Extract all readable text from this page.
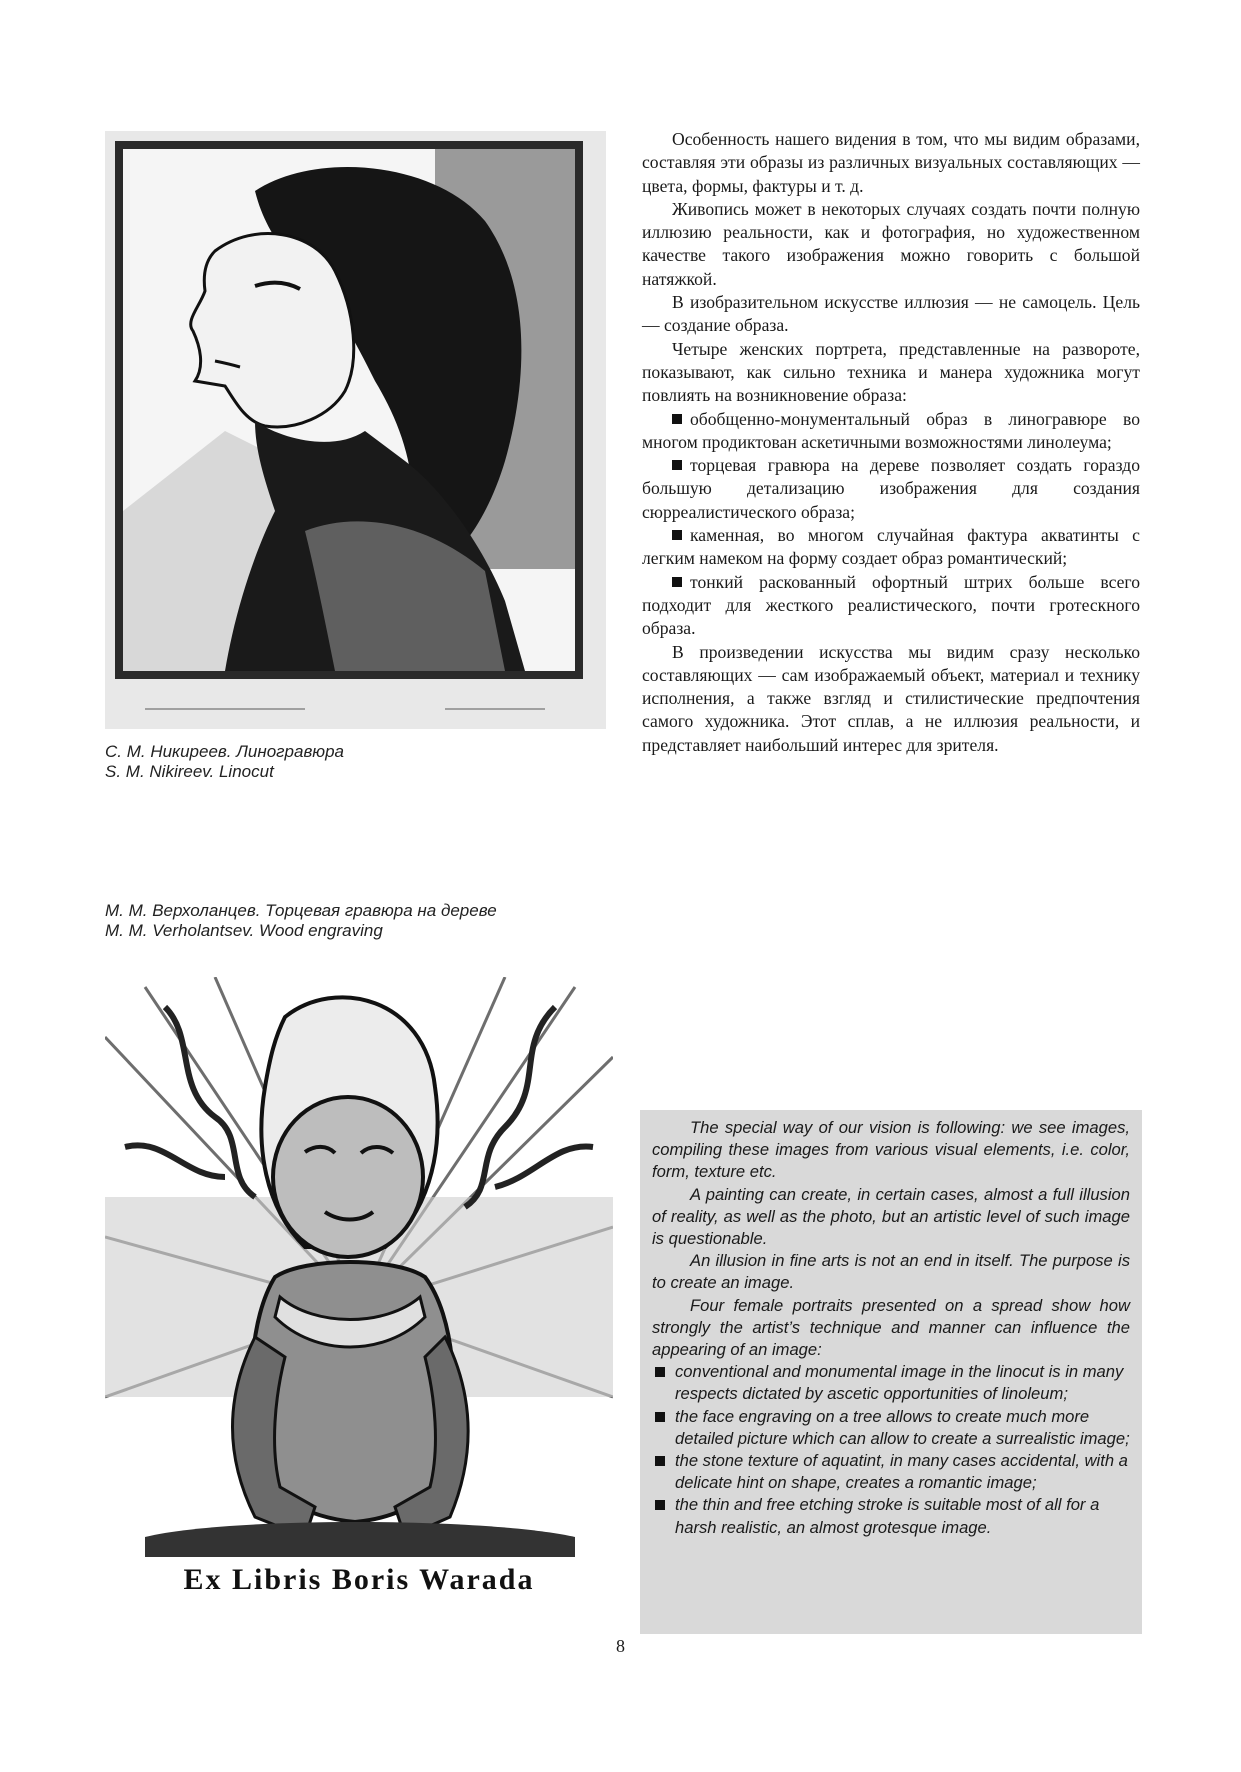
С. М. Никиреев. Линогравюра
S. M. Nikireev. Linocut
М. М. Верхоланцев. Торцевая гравюра на дереве
M. M. Verholantsev. Wood engraving
Ex Libris Boris Warada

Особенность нашего видения в том, что мы видим образами, составляя эти образы из различных визуальных составляющих — цвета, формы, фактуры и т. д.

Живопись может в некоторых случаях создать почти полную иллюзию реальности, как и фотография, но художественном качестве такого изображения можно говорить с большой натяжкой.

В изобразительном искусстве иллюзия — не самоцель. Цель — создание образа.

Четыре женских портрета, представленные на развороте, показывают, как сильно техника и манера художника могут повлиять на возникновение образа:

обобщенно-монументальный образ в линогравюре во многом продиктован аскетичными возможностями линолеума;

торцевая гравюра на дереве позволяет создать гораздо большую детализацию изображения для создания сюрреалистического образа;

каменная, во многом случайная фактура акватинты с легким намеком на форму создает образ романтический;

тонкий раскованный офортный штрих больше всего подходит для жесткого реалистического, почти гротескного образа.

В произведении искусства мы видим сразу несколько составляющих — сам изображаемый объект, материал и технику исполнения, а также взгляд и стилистические предпочтения самого художника. Этот сплав, а не иллюзия реальности, и представляет наибольший интерес для зрителя.

The special way of our vision is following: we see images, compiling these images from various visual elements, i.e. color, form, texture etc.

A painting can create, in certain cases, almost a full illusion of reality, as well as the photo, but an artistic level of such image is questionable.

An illusion in fine arts is not an end in itself. The purpose is to create an image.

Four female portraits presented on a spread show how strongly the artist’s technique and manner can influence the appearing of an image:

conventional and monumental image in the linocut is in many respects dictated by ascetic opportunities of linoleum;
the face engraving on a tree allows to create much more detailed picture which can allow to create a surrealistic image;
the stone texture of aquatint, in many cases accidental, with a delicate hint on shape, creates a romantic image;
the thin and free etching stroke is suitable most of all for a harsh realistic, an almost grotesque image.
8
